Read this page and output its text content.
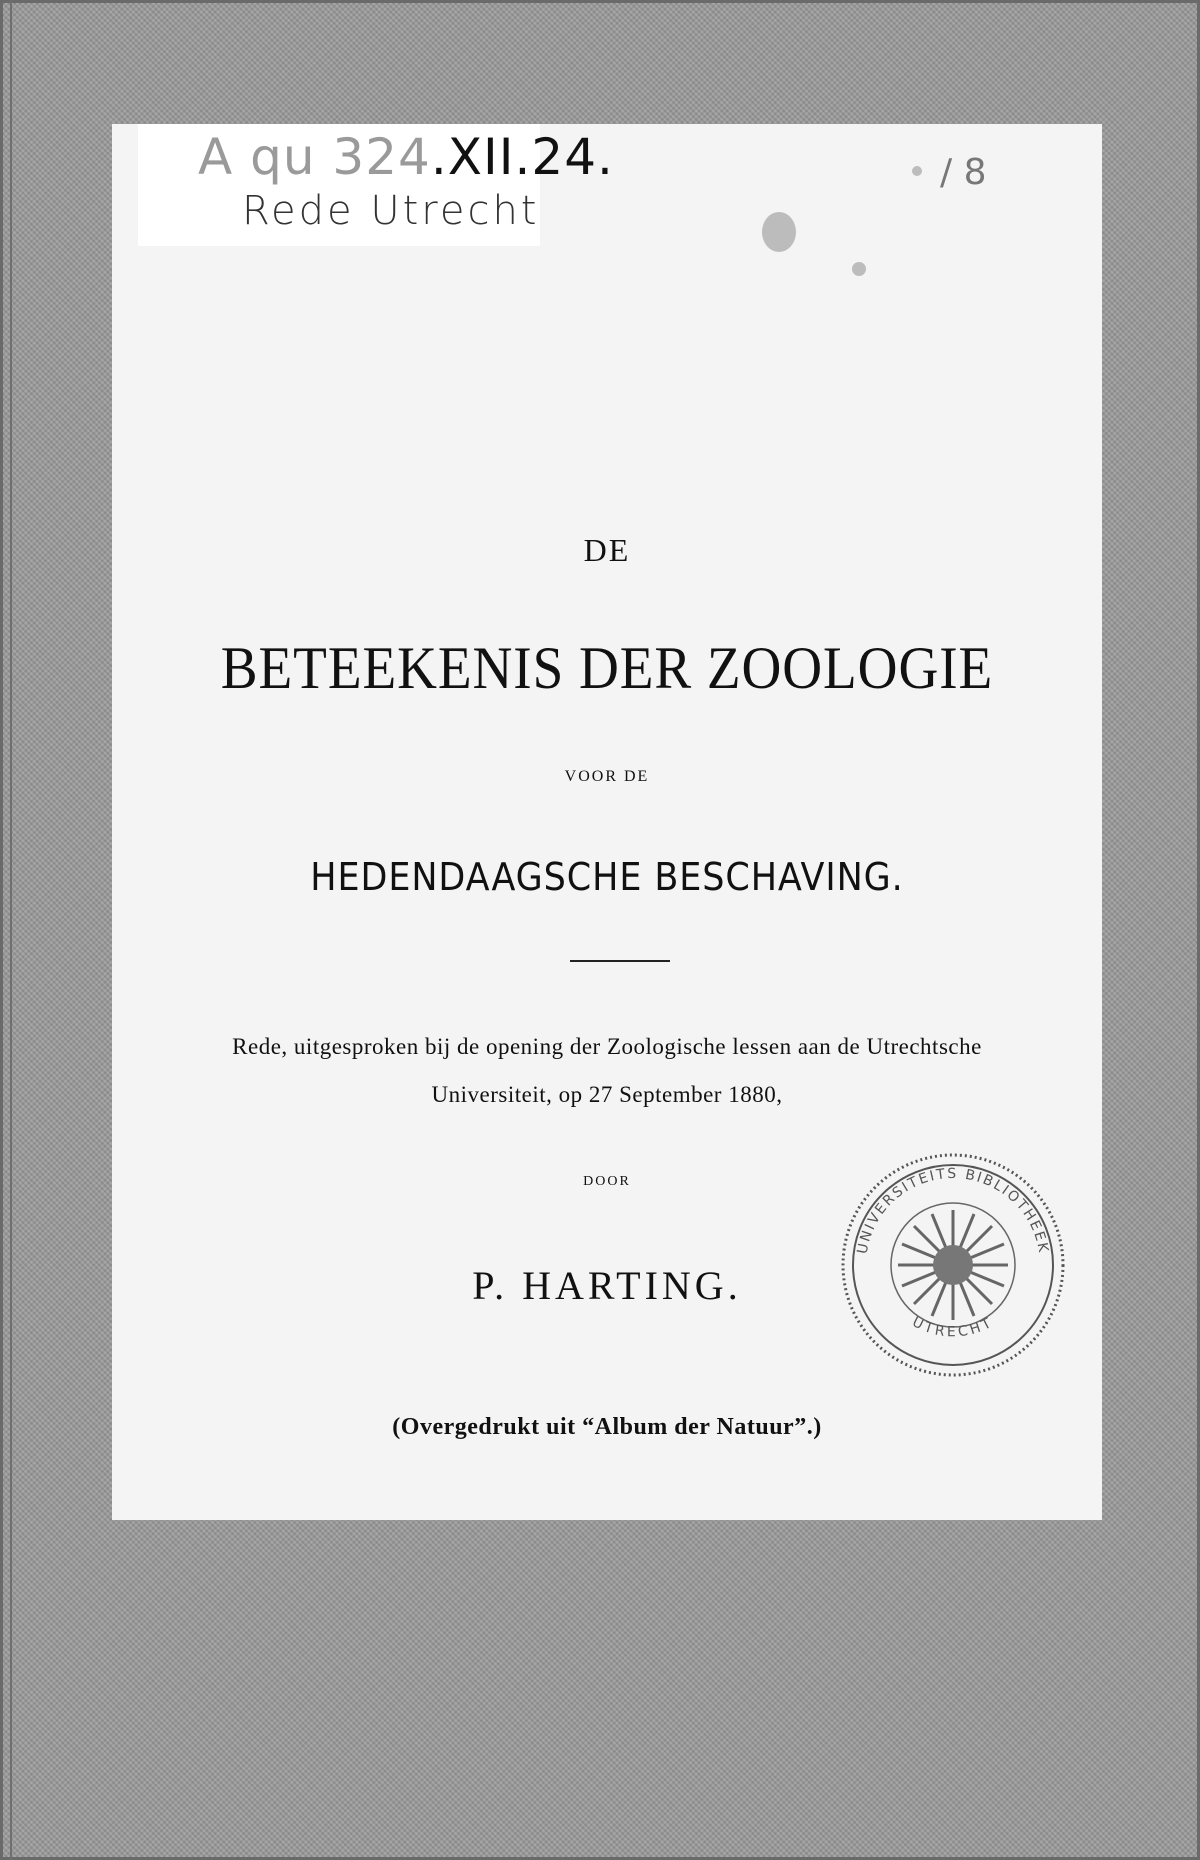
A qu 324.XII.24.
Rede Utrecht
DE
BETEEKENIS DER ZOOLOGIE
VOOR DE
HEDENDAAGSCHE BESCHAVING.
Rede, uitgesproken bij de opening der Zoologische lessen aan de Utrechtsche
Universiteit, op 27 September 1880,
DOOR
P. HARTING.
(Overgedrukt uit “Album der Natuur”.)
UNIVERSITEITS BIBLIOTHEEK
UTRECHT
/ 8
